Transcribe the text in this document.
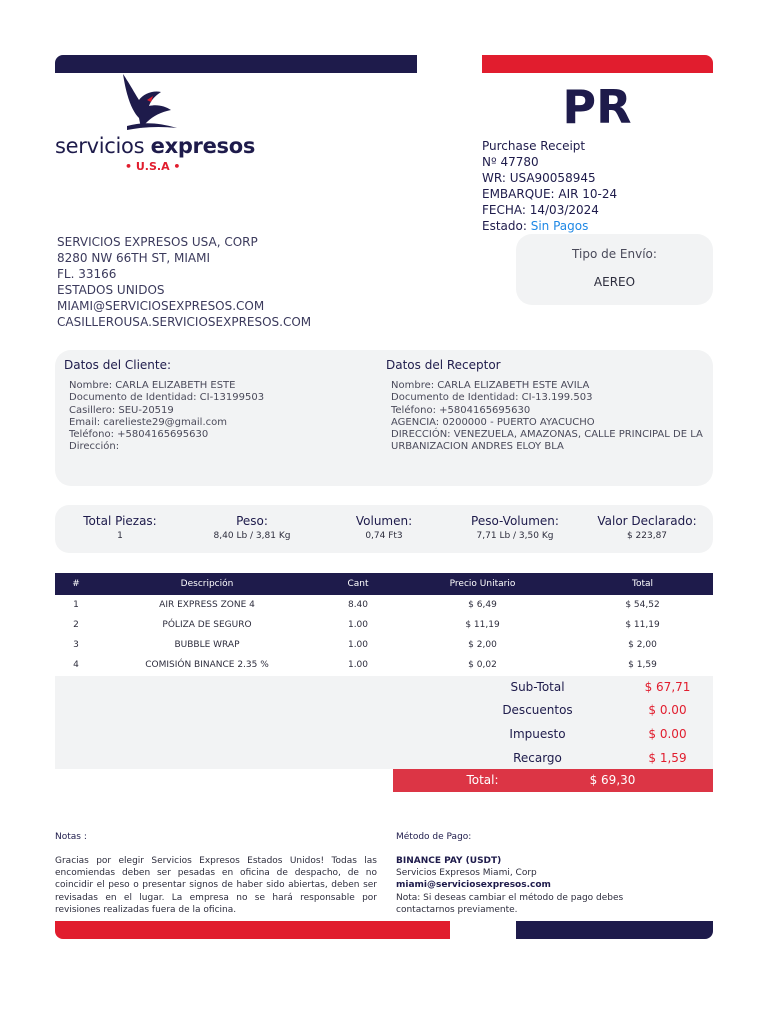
servicios expresos
• U.S.A •
PR
Purchase Receipt
Nº 47780
WR: USA90058945
EMBARQUE: AIR 10-24
FECHA: 14/03/2024
Estado: Sin Pagos
SERVICIOS EXPRESOS USA, CORP
8280 NW 66TH ST, MIAMI
FL. 33166
ESTADOS UNIDOS
MIAMI@SERVICIOSEXPRESOS.COM
CASILLEROUSA.SERVICIOSEXPRESOS.COM
Tipo de Envío:
AEREO
Datos del Cliente:
Nombre: CARLA ELIZABETH ESTE
Documento de Identidad: CI-13199503
Casillero: SEU-20519
Email: carelieste29@gmail.com
Teléfono: +5804165695630
Dirección:
Datos del Receptor
Nombre: CARLA ELIZABETH ESTE AVILA
Documento de Identidad: CI-13.199.503
Teléfono: +5804165695630
AGENCIA: 0200000 - PUERTO AYACUCHO
DIRECCIÓN: VENEZUELA, AMAZONAS, CALLE PRINCIPAL DE LA URBANIZACION ANDRES ELOY BLA
Total Piezas:
1
Peso:
8,40 Lb / 3,81 Kg
Volumen:
0,74 Ft3
Peso-Volumen:
7,71 Lb / 3,50 Kg
Valor Declarado:
$ 223,87
#	Descripción	Cant	Precio Unitario	Total
1	AIR EXPRESS ZONE 4	8.40	$ 6,49	$ 54,52
2	PÓLIZA DE SEGURO	1.00	$ 11,19	$ 11,19
3	BUBBLE WRAP	1.00	$ 2,00	$ 2,00
4	COMISIÓN BINANCE 2.35 %	1.00	$ 0,02	$ 1,59
Sub-Total	$ 67,71
Descuentos	$ 0.00
Impuesto	$ 0.00
Recargo	$ 1,59
Total:	$ 69,30
Notas :
Gracias por elegir Servicios Expresos Estados Unidos! Todas las encomiendas deben ser pesadas en oficina de despacho, de no coincidir el peso o presentar signos de haber sido abiertas, deben ser revisadas en el lugar. La empresa no se hará responsable por revisiones realizadas fuera de la oficina.
Método de Pago:
BINANCE PAY (USDT)
Servicios Expresos Miami, Corp
miami@serviciosexpresos.com
Nota: Si deseas cambiar el método de pago debes contactarnos previamente.
